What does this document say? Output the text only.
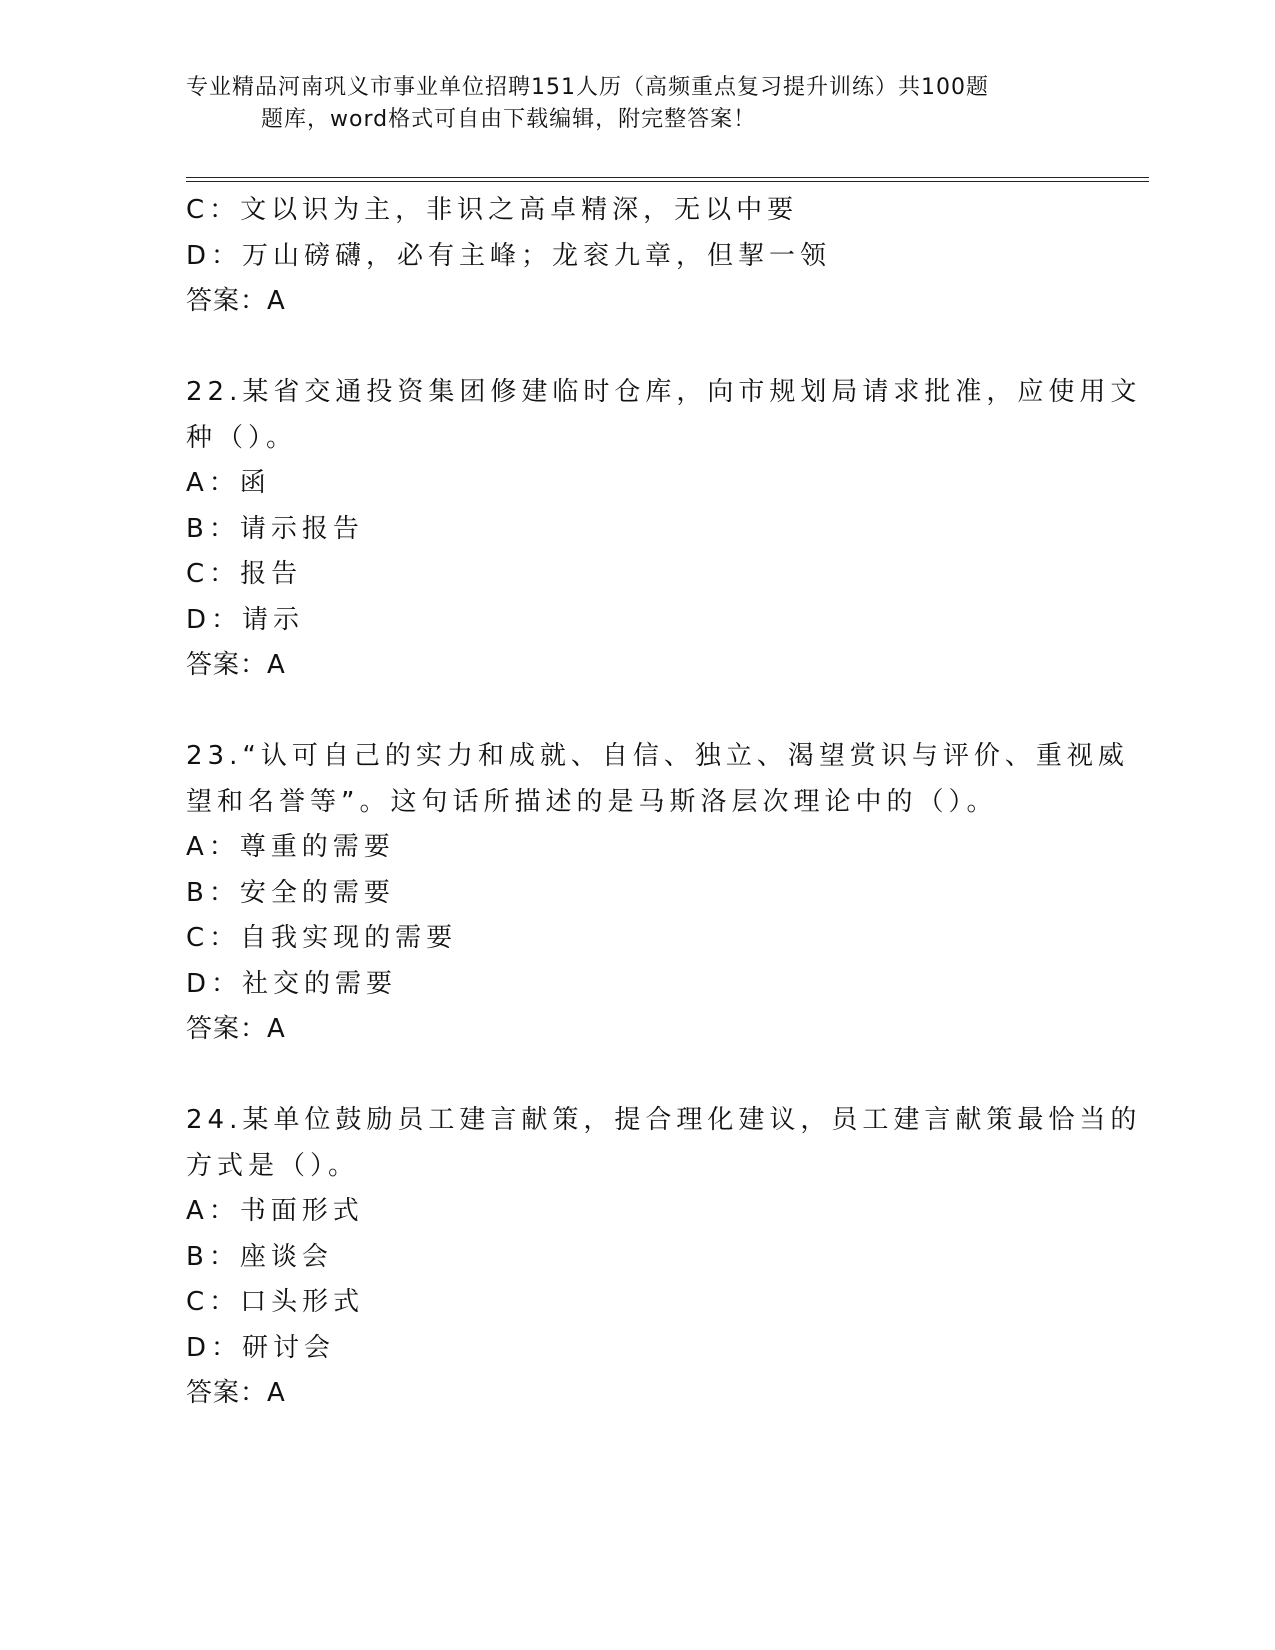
专业精品河南巩义市事业单位招聘151人历（高频重点复习提升训练）共100题
题库，word格式可自由下载编辑，附完整答案！
C：文以识为主，非识之高卓精深，无以中要
D：万山磅礴，必有主峰；龙衮九章，但挈一领
答案：A
22.某省交通投资集团修建临时仓库，向市规划局请求批准，应使用文
种（）。
A：函
B：请示报告
C：报告
D：请示
答案：A
23.“认可自己的实力和成就、自信、独立、渴望赏识与评价、重视威
望和名誉等”。这句话所描述的是马斯洛层次理论中的（）。
A：尊重的需要
B：安全的需要
C：自我实现的需要
D：社交的需要
答案：A
24.某单位鼓励员工建言献策，提合理化建议，员工建言献策最恰当的
方式是（）。
A：书面形式
B：座谈会
C：口头形式
D：研讨会
答案：A
